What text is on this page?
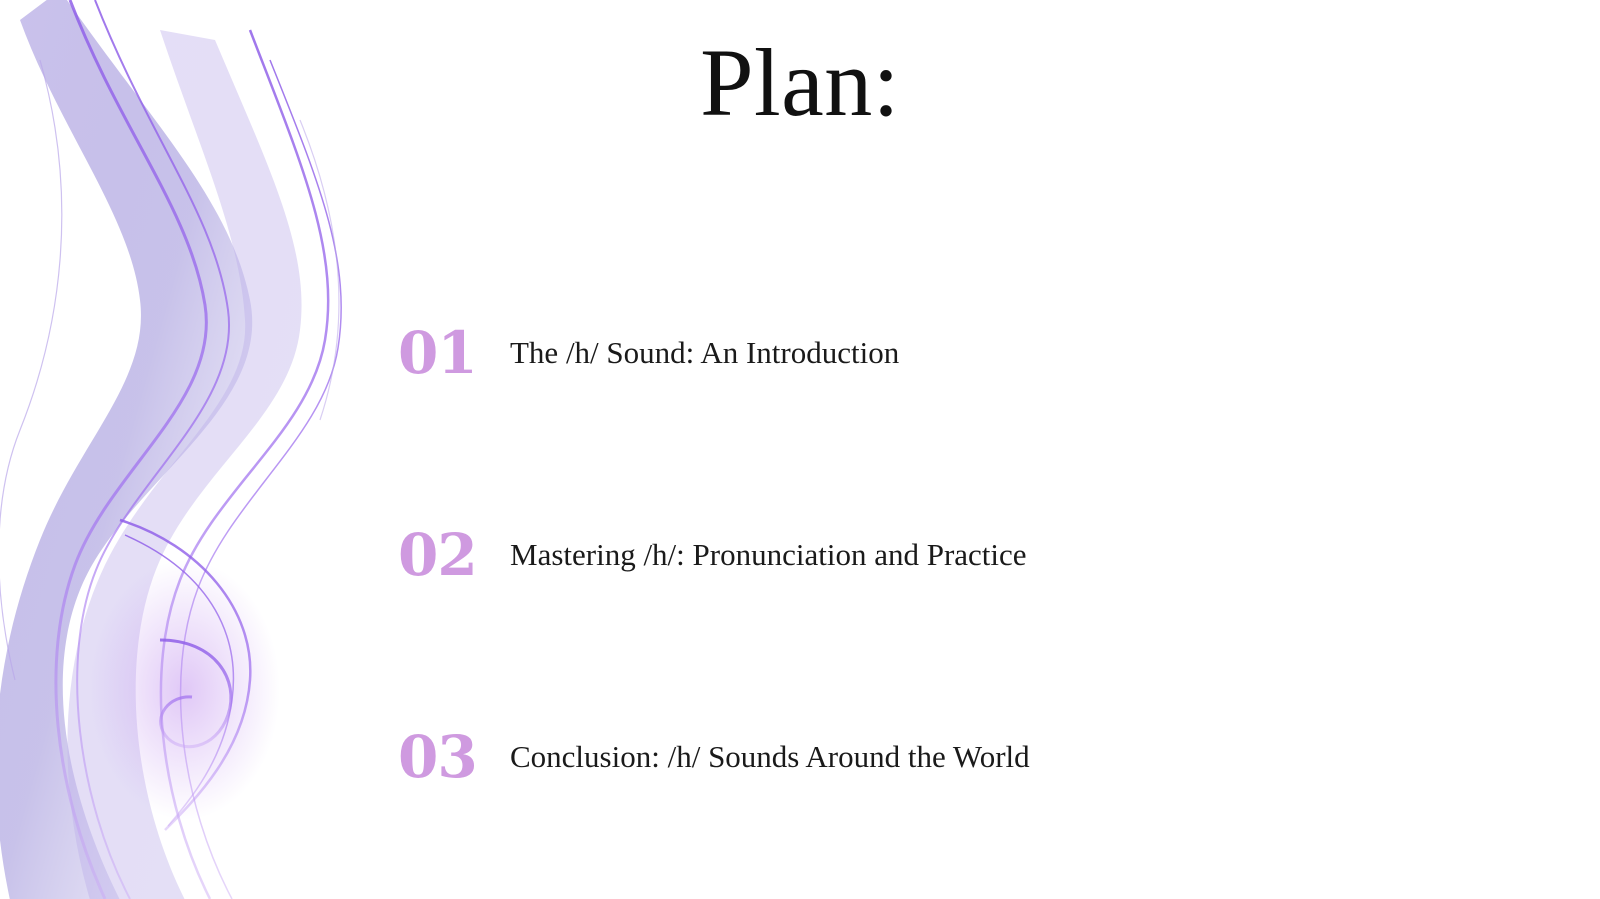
Plan:
01	The /h/ Sound: An Introduction
02	Mastering /h/: Pronunciation and Practice
03	Conclusion: /h/ Sounds Around the World
